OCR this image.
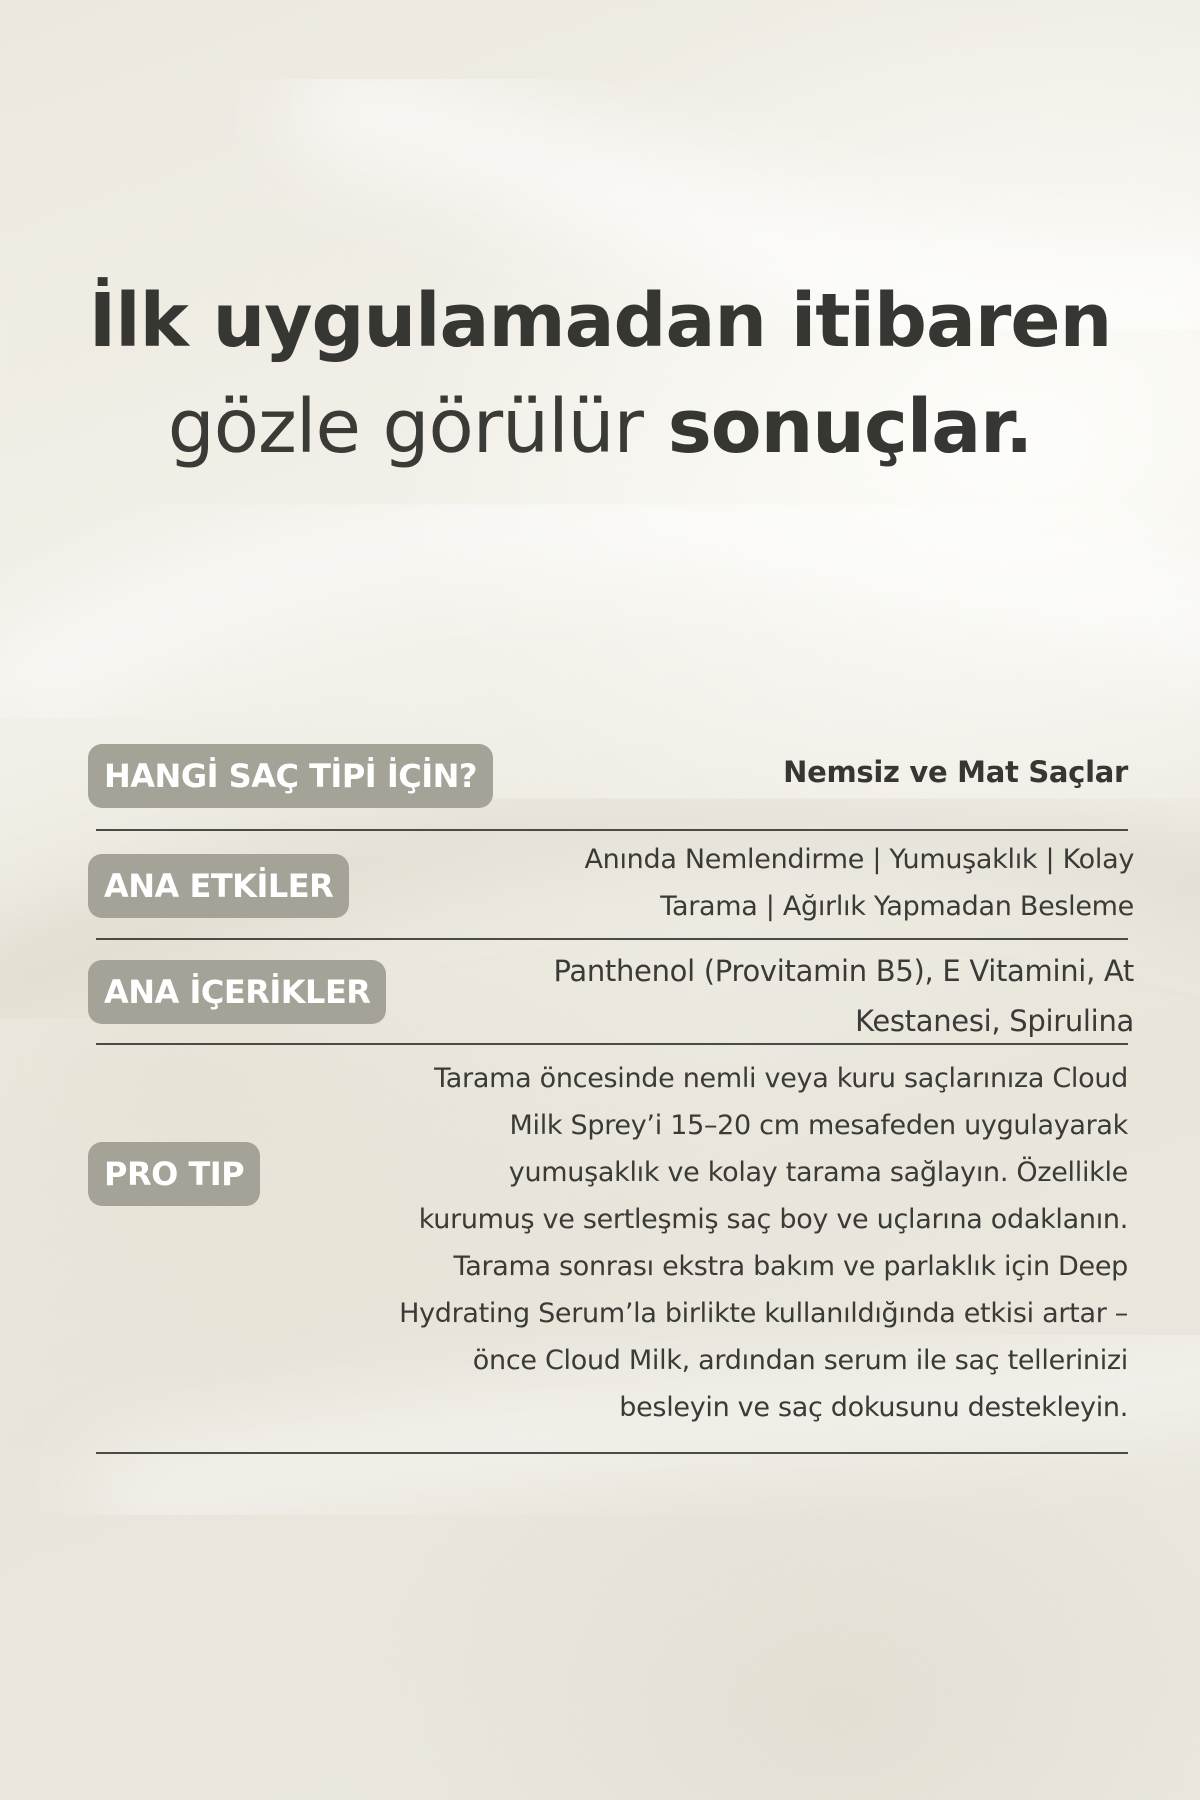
İlk uygulamadan itibaren
gözle görülür sonuçlar.
HANGİ SAÇ TİPİ İÇİN?	Nemsiz ve Mat Saçlar
ANA ETKİLER
Anında Nemlendirme | Yumuşaklık | Kolay Tarama | Ağırlık Yapmadan Besleme
ANA İÇERİKLER
Panthenol (Provitamin B5), E Vitamini, At Kestanesi, Spirulina
PRO TIP
Tarama öncesinde nemli veya kuru saçlarınıza Cloud Milk Sprey’i 15–20 cm mesafeden uygulayarak yumuşaklık ve kolay tarama sağlayın. Özellikle kurumuş ve sertleşmiş saç boy ve uçlarına odaklanın. Tarama sonrası ekstra bakım ve parlaklık için Deep Hydrating Serum’la birlikte kullanıldığında etkisi artar – önce Cloud Milk, ardından serum ile saç tellerinizi besleyin ve saç dokusunu destekleyin.
